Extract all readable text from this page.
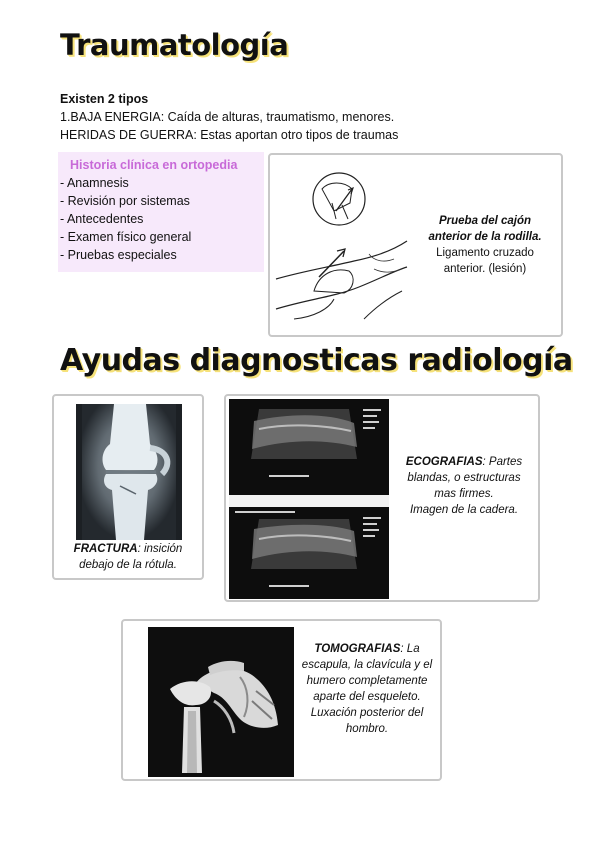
Traumatología
Existen 2 tipos
1.BAJA ENERGIA: Caída de alturas, traumatismo, menores.
HERIDAS DE GUERRA: Estas aportan otro tipos de traumas
Historia clínica en ortopedia
- Anamnesis
- Revisión por sistemas
- Antecedentes
- Examen físico general
- Pruebas especiales
Prueba del cajón anterior de la rodilla.
Ligamento cruzado anterior. (lesión)
Ayudas diagnosticas radiología
FRACTURA: insición debajo de la rótula.
ECOGRAFIAS: Partes blandas, o estructuras mas firmes.
Imagen de la cadera.
TOMOGRAFIAS: La escapula, la clavícula y el humero completamente aparte del esqueleto. Luxación posterior del hombro.
